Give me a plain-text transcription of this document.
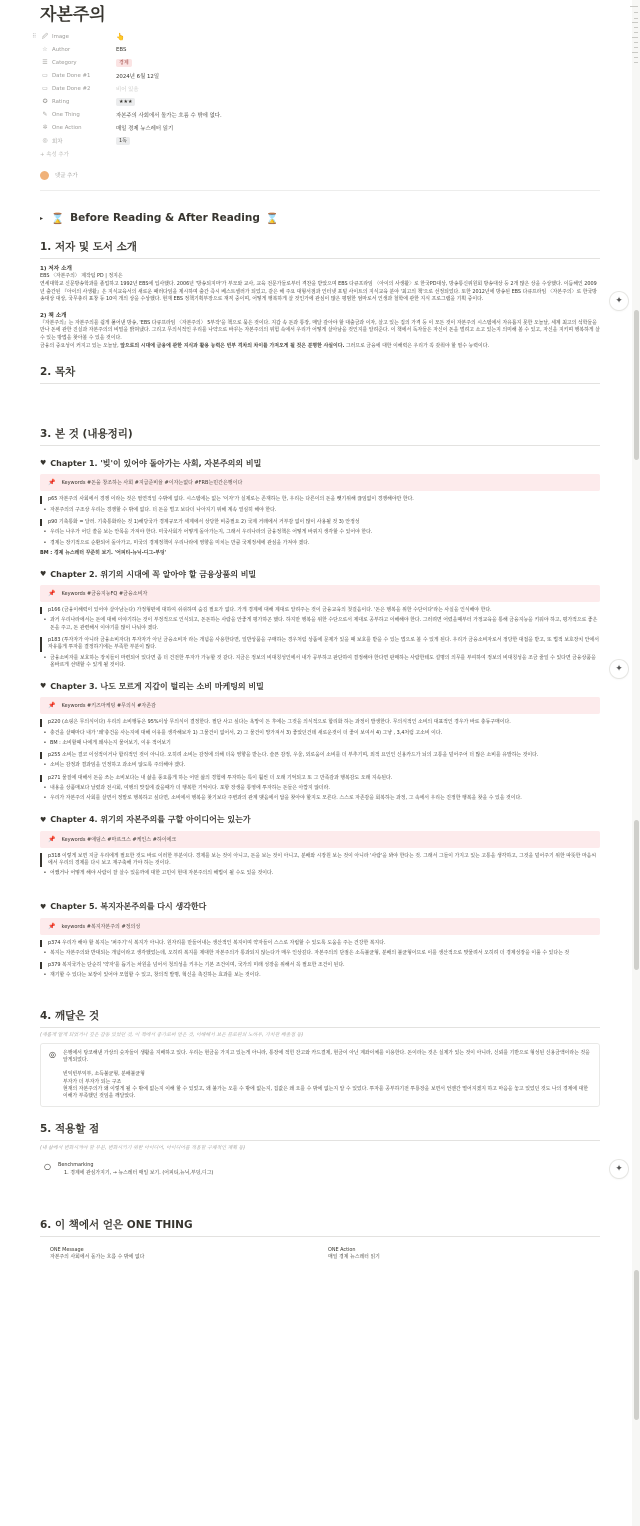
자본주의
⠿ 🖉 Image	👆
☆ Author	EBS
☰ Category	경제
▭ Date Done #1	2024년 6월 12일
▭ Date Done #2	비어 있음
✪ Rating	★★★
✎ One Thing	자본주의 사회에서 돌가는 흐름 수 밖에 없다.
✲ One Action	매일 경제 뉴스레터 읽기
◎ 회차	1독
+ 속성 추가
댓글 추가
▸ ⌛ Before Reading & After Reading ⌛
1. 저자 및 도서 소개
1) 저자 소개
EBS 〈자본주의〉 제작팀 PD | 정지은
연세대학교 신문방송학과를 졸업하고 1992년 EBS에 입사했다. 2006년 '방송되지마'가 부모와 교사, 교육 전문가들로부터 격찬을 받았으며 EBS 다큐프라임 〈아이의 사생활〉로 한국PD대상, 방송통신위원회 방송대상 등 2개 많은 상을 수상했다. 이듬해인 2009년 출간된 『아이의 사생활』은 지식교육서의 새로운 패러다임을 제시하며 출간 즉시 베스트셀러가 되었고, 같은 해 주요 대형서점과 인터넷 포털 사이트의 지식교육 분야 '최고의 책'으로 선정되었다. 또한 2012년에 방송된 EBS 다큐프라임 〈자본주의〉로 한국방송대상 대상, 국무총리 표창 등 10여 개의 상을 수상했다. 현재 EBS 정책기획부장으로 재직 중이며, 어떻게 행복하게 살 것인가에 관심이 많은 평범한 엄마로서 인생과 철학에 관한 지식 프로그램을 기획 중이다.
2) 책 소개
『자본주의』는 자본주의를 쉽게 풀어낸 방송, 'EBS 다큐프라임 〈자본주의〉 5부작'을 책으로 묶은 것이다. 지갑 속 돈과 통장, 매달 갚아야 할 대출금과 이자, 살고 있는 집의 가격 등 이 모든 것이 자본주의 시스템에서 자유롭지 못한 오늘날, 세계 최고의 석학들을 만나 돈에 관한 진실과 자본주의의 비밀을 밝혀냈다. 그리고 무의식적인 우리를 나약으로 바꾸는 자본주의의 위험 속에서 우리가 어떻게 살아남을 것인지를 알려준다. 이 책에서 독자들은 자신이 돈을 벌려고 소고 있는지 의미해 볼 수 있고, 자신을 지키며 행복하게 살 수 있는 방법을 찾아볼 수 있을 것이다.
금융의 중요성이 커지고 있는 오늘날, 앞으로의 시대에 금융에 관한 지식과 활용 능력은 빈부 격차의 차이를 가져오게 될 것은 분명한 사실이다. 그러므로 금융에 대한 이해력은 우리가 꼭 갖춰야 할 필수 능력이다.
2. 목차
3. 본 것 (내용정리)
♥ Chapter 1. '빚'이 있어야 돌아가는 사회, 자본주의의 비밀
📌 Keywords #돈을 창조하는 사회 #지급준비율 #이자는없다 #FRB는민간은행이다
p65 자본주의 사회에서 경쟁 이라는 것은 필연적일 수밖에 없다. 시스템에는 없는 '이자'가 실제로는 존재하는 한, 우리는 다른이의 돈을 뺏기위해 끊임없이 경쟁해야만 한다.
• 자본주의의 구조상 우리는 경쟁할 수 밖에 없다. 더 돈을 벌고 보다더 나아지기 위해 계속 열심히 해야 한다.
p90 기축통화 = 달러. 기축통화라는 것 1)해당국가 경제규모가 세계에서 상당한 비중필요 2) 국제 거래에서 거부감 없이 많이 사용될 것 3) 안정성
• 우리는 나우가 어딘 쓸을 보는 안목을 가져야 한다. 미국사회가 어떻게 돌아가는지, 그래서 우리나라의 금융정책은 어떻게 바뀌지 생각할 수 있어야 한다.
• 경제는 장기적으로 순환되어 돌아가고, 미국의 경제정책이 우리나라에 영향을 미치는 만큼 국제정세에 관심을 가져야 겠다.
BM : 경제 뉴스레터 꾸준히 보기. '어피티-뉴닉-디그-부딩'
♥ Chapter 2. 위기의 시대에 꼭 알아야 할 금융상품의 비밀
📌 Keywords #금융지능FQ #금융소비자
p166 (금융이해력이 있어야 살아남는다) 가정형편에 대하여 쉬쉬하며 숨김 필요가 없다. 가게 경제에 대해 제대로 알려주는 것이 금융교육의 첫걸음이다. '돈은 행복을 위한 수단이다'라는 사실을 인식해야 한다.
• 과거 우리나라에서는 돈에 대해 이야기하는 것이 부정적으로 인식되고, 돈돈하는 사람을 안좋게 평가하곤 했다. 하지만 행복을 위한 수단으로서 제대로 공부하고 이해해야 한다. 그러려면 어렸을때부터 가정교육을 통해 금융지능을 키워야 하고, 평가적으로 좋은돈을 주고, 돈 관련해서 이야기를 많이 나눠야 겠다.
p183 (투자자가 아니라 금융소비자다) 투자자가 아닌 금융소비자 라는 개념을 사용한다면, 일반상품을 구매하는 경우처럼 상품에 문제가 있을 때 보호를 받을 수 있는 법으로 볼 수 있게 된다. 우리가 금융소비자로서 정당한 대접을 받고, 또 법적 보호장치 안에서 자유롭게 투자를 결정하기에는 부족한 부분이 많다.
• 금융소비자를 보호하는 장치들이 마련되어 있다면 좀 더 건전한 투자가 가능할 것 같다. 지금은 정보의 비대칭성인에서 내가 공부하고 판단하여 결정해야 한다면 판매하는 사람한테도 설명의 의무를 부여하여 정보의 비대칭성을 조금 줄일 수 있다면 금융상품을 올바르게 선택할 수 있게 될 것이다.
♥ Chapter 3. 나도 모르게 지갑이 털리는 소비 마케팅의 비밀
📌 Keywords #키즈마케팅 #무의식 #자존감
p220 (쇼핑은 무의식이다) 우리의 소비행동은 95%이상 무의식이 결정한다. 필단 사고 싶다는 욕망이 든 후에는 그것을 의식적으로 합리화 하는 과정이 발생한다. 무의식적인 소비의 대표적인 경우가 바로 충동구매이다.
• 충건을 살때마다 내가 '왜'충건을 사는지에 대해 이유를 생각해보자 1) 그물건이 없어서, 2) 그 물건이 망가져서 3) 좋았던건데 새로운것이 더 좋이 보여서 4) 그냥 , 3,4처럼 고소비 이다.
• BM : 소비할때 나에게 왜샤는지 물어보기, 이유 적어보기
p255 소비는 결코 이성적이거나 합리적인 것이 아니다. 오히려 소비는 감정에 의해 더욱 영향을 받는다. 슬픈 감정, 우울, 외로움이 소비를 더 부추기며, 외적 요인인 신용카드가 뇌의 고통을 덜어주어 더 많은 소비를 유발하는 것이다.
• 소비는 감정과 결과임을 인정하고 과소비 않도록 주의해야 겠다.
p271 물질에 대해서 돈을 쓰는 소비보다는 내 삶을 풍요롭게 하는 어떤 삶의 경험에 투자하는 특이 훨씬 더 오래 기억되고 또 그 만족감과 행복감도 오래 지속된다.
• 내용을 상품매보다 날렸과 전시회, 여행의 맛집에 갔을때가 더 행복한 기억이다. 포항 장생을 통영에 투자하는 돈들은 아깝지 않더라.
• 우리가 자본주의 사회를 살면서 정말로 행복하고 싶다면, 소비에서 행복을 찾기보다 주변과의 관계 맺음에서 답을 찾아야 할지도 모른다. 스스로 자존감을 회복하는 과정, 그 속에서 우리는 진정한 행복을 찾을 수 있을 것이다.
♥ Chapter 4. 위기의 자본주의를 구할 아이디어는 있는가
📌 Keywords #애덤스 #마르크스 #케인스 #하이에크
p318 이렇게 보면 지금 우리에게 필요한 것도 바로 이러한 부분이다. 경제를 보는 것이 아니고, 돈을 보는 것이 아니고, 분배와 시장원 보는 것이 아니라 '사람'을 봐야 한다는 것. 그래서 그들이 가지고 있는 고통을 생각하고, 그것을 덜어주기 위한 따뜻한 마음씨에서 우리의 경제를 다시 보고 재구축해 가야 하는 것이다.
• 어쨌거나 어떻게 해야 사람이 잘 살수 있을까에 대한 고민이 현대 자본주의의 해법이 될 수도 있을 것이다.
♥ Chapter 5. 복지자본주의를 다시 생각한다
📌 keywords #복지자본주의 #정의성
p374 우리가 해야 할 복지는 '퍼주기'식 복지가 아니다. 원자리를 만들어내는 생산적인 복지이며 약자들이 스스로 자립할 수 있도록 도움을 주는 건강한 복지다.
• 복지는 자본주의와 반대되는 개념이라고 생각했었는데, 오히려 복지를 제대한 자본주의가 통과되지 않는다가 매우 인상깊다. 자본주의의 단점은 소득불균형, 분배의 불균형이므로 이를 생산적으로 맞물려서 오히려 더 경제성장을 이룰 수 있다는 것
p379 복지국가는 단순히 '약자'를 돕기는 차원을 넘어서 청의성을 키우는 기본 조건이며, 국가의 미래 성장을 위해서 꼭 필요한 조건이 된다.
• 재기할 수 있다는 보장이 있어야 모험할 수 있고, 창의적 발명, 혁신을 촉진하는 효과를 보는 것이다.
4. 깨달은 것
(새롭게 알게 되었거나 깊은 감동 있었던 것, 이 책에서 중가로써 얻은 것, 이해해서 보은 플로원의 노하우, 가치관 배울점 등)
◎	은행에서 탕코해낸 가상의 숫자들이 생활을 지배하고 있다. 우리는 현금을 가지고 있는게 아니라, 통장에 적힌 잔고와 카드결제, 현금이 아닌 계좌이체를 이용한다. 돈이라는 것은 실제가 있는 것이 아니라, 신뢰를 기반으로 형성된 신용금액이라는 것을 알게되었다.
빈익빈부익부, 소득불균형, 분배불균형
부자가 더 부자가 되는 구조
현재의 자본주의가 왜 이렇게 될 수 밖에 없는지 이해 할 수 있었고, 왜 불가는 오를 수 밖에 없는지, 집값은 왜 오를 수 밖에 없는지 알 수 있었다. 투자를 공부하기전 투룡장을 보면서 언젠간 떨어지겠지 하고 마음을 놓고 있었던 것도 나의 경제에 대한 이해가 부족했던 것임을 깨달았다.
5. 적용할 점
(내 삶에서 변화시켜야 할 부분, 변화시키기 위한 아이디어, 아이디어를 적용할 구체적인 계획 등)
○	Benchmarking
1. 경제에 관심가지기, → 뉴스레터 매일 보기. (어피티,뉴닉,부딩,디그)
6. 이 책에서 얻은 ONE THING
ONE Message
자본주의 사회에서 돌가는 흐름 수 밖에 없다
ONE Action
매일 경제 뉴스레터 읽기
✦
✦
✦
